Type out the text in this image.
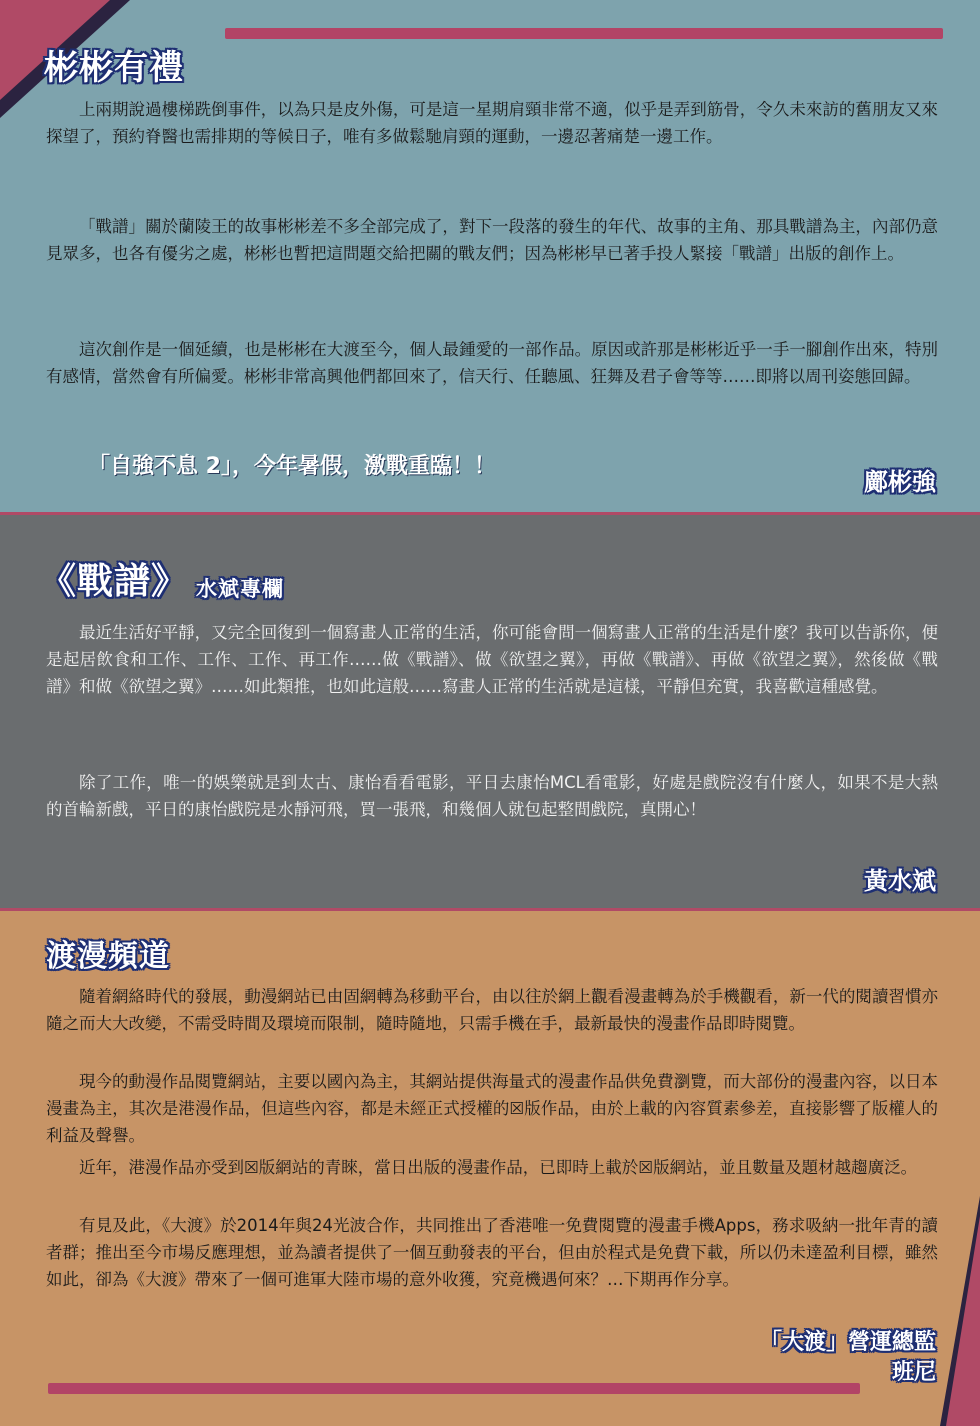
彬彬有禮

上兩期說過樓梯跣倒事件，以為只是皮外傷，可是這一星期肩頸非常不適，似乎是弄到筋骨，令久未來訪的舊朋友又來探望了，預約脊醫也需排期的等候日子，唯有多做鬆馳肩頸的運動，一邊忍著痛楚一邊工作。

「戰譜」關於蘭陵王的故事彬彬差不多全部完成了，對下一段落的發生的年代、故事的主角、那具戰譜為主，內部仍意見眾多，也各有優劣之處，彬彬也暫把這問題交給把關的戰友們；因為彬彬早已著手投人緊接「戰譜」出版的創作上。

這次創作是一個延續，也是彬彬在大渡至今，個人最鍾愛的一部作品。原因或許那是彬彬近乎一手一腳創作出來，特別有感情，當然會有所偏愛。彬彬非常高興他們都回來了，信天行、任聽風、狂舞及君子會等等……即將以周刊姿態回歸。

「自強不息 2」，今年暑假，激戰重臨！！
鄺彬強
《戰譜》 水斌專欄

最近生活好平靜，又完全回復到一個寫畫人正常的生活，你可能會問一個寫畫人正常的生活是什麼？我可以告訴你，便是起居飲食和工作、工作、工作、再工作……做《戰譜》、做《欲望之翼》，再做《戰譜》、再做《欲望之翼》，然後做《戰譜》和做《欲望之翼》……如此類推，也如此這般……寫畫人正常的生活就是這樣，平靜但充實，我喜歡這種感覺。

除了工作，唯一的娛樂就是到太古、康怡看看電影，平日去康怡MCL看電影，好處是戲院沒有什麼人，如果不是大熱的首輪新戲，平日的康怡戲院是水靜河飛，買一張飛，和幾個人就包起整間戲院，真開心！

黃水斌
渡漫頻道

隨着網絡時代的發展，動漫網站已由固網轉為移動平台，由以往於網上觀看漫畫轉為於手機觀看，新一代的閱讀習慣亦隨之而大大改變，不需受時間及環境而限制，隨時隨地，只需手機在手，最新最快的漫畫作品即時閱覽。

現今的動漫作品閱覽網站，主要以國內為主，其網站提供海量式的漫畫作品供免費瀏覽，而大部份的漫畫內容，以日本漫畫為主，其次是港漫作品，但這些內容，都是未經正式授權的☒版作品，由於上載的內容質素參差，直接影響了版權人的利益及聲譽。

近年，港漫作品亦受到☒版網站的青睞，當日出版的漫畫作品，已即時上載於☒版網站，並且數量及題材越趨廣泛。

有見及此，《大渡》於2014年與24光波合作，共同推出了香港唯一免費閱覽的漫畫手機Apps，務求吸納一批年青的讀者群；推出至今市場反應理想，並為讀者提供了一個互動發表的平台，但由於程式是免費下載，所以仍未達盈利目標，雖然如此，卻為《大渡》帶來了一個可進軍大陸市場的意外收獲，究竟機遇何來？…下期再作分享。

「大渡」營運總監
班尼
